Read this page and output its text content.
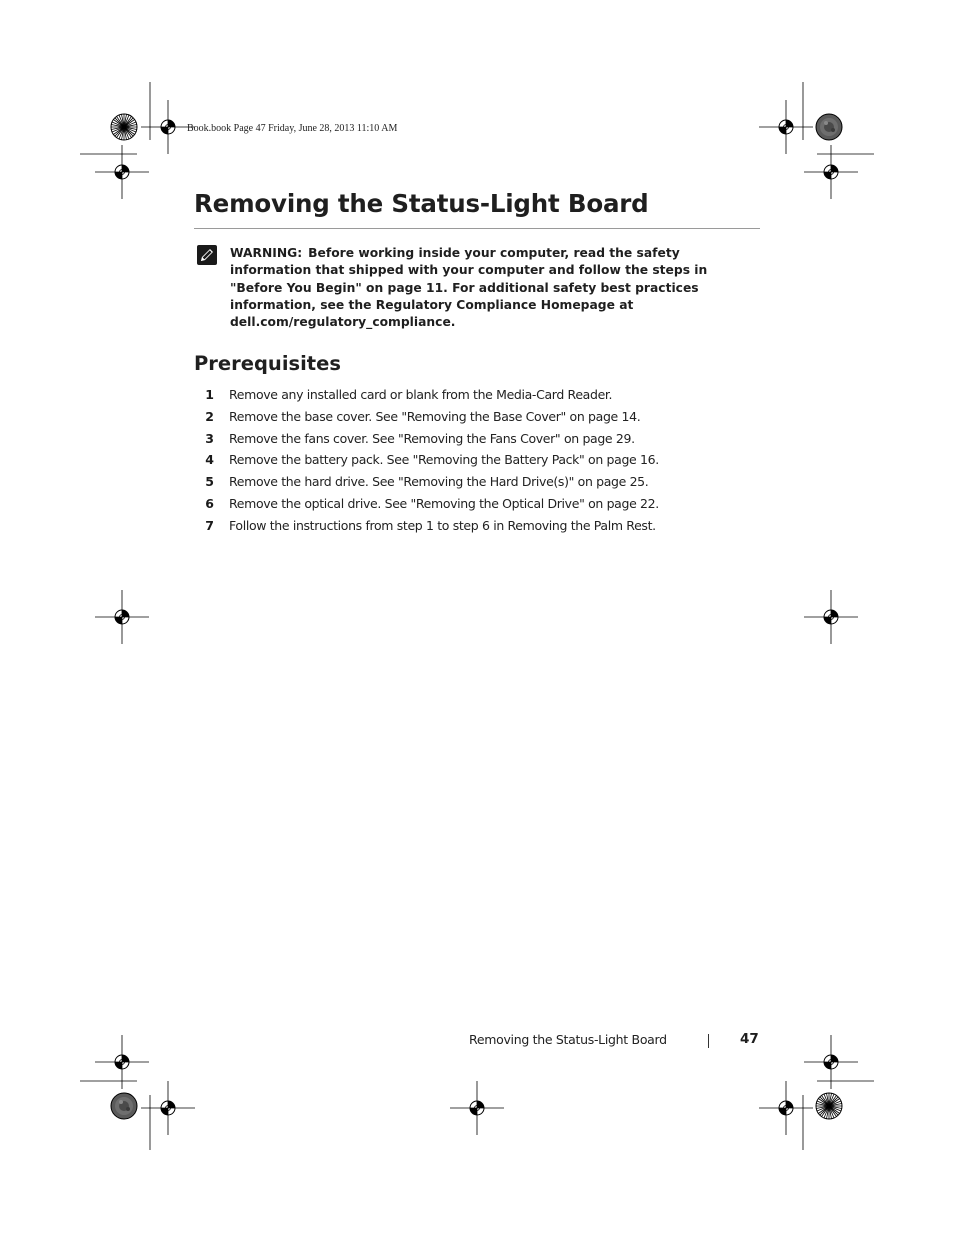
Book.book Page 47 Friday, June 28, 2013 11:10 AM
Removing the Status-Light Board
WARNING: Before working inside your computer, read the safety information that shipped with your computer and follow the steps in "Before You Begin" on page 11. For additional safety best practices information, see the Regulatory Compliance Homepage at dell.com/regulatory_compliance.
Prerequisites
1 Remove any installed card or blank from the Media-Card Reader.
2 Remove the base cover. See "Removing the Base Cover" on page 14.
3 Remove the fans cover. See "Removing the Fans Cover" on page 29.
4 Remove the battery pack. See "Removing the Battery Pack" on page 16.
5 Remove the hard drive. See "Removing the Hard Drive(s)" on page 25.
6 Remove the optical drive. See "Removing the Optical Drive" on page 22.
7 Follow the instructions from step 1 to step 6 in Removing the Palm Rest.
Removing the Status-Light Board	47
